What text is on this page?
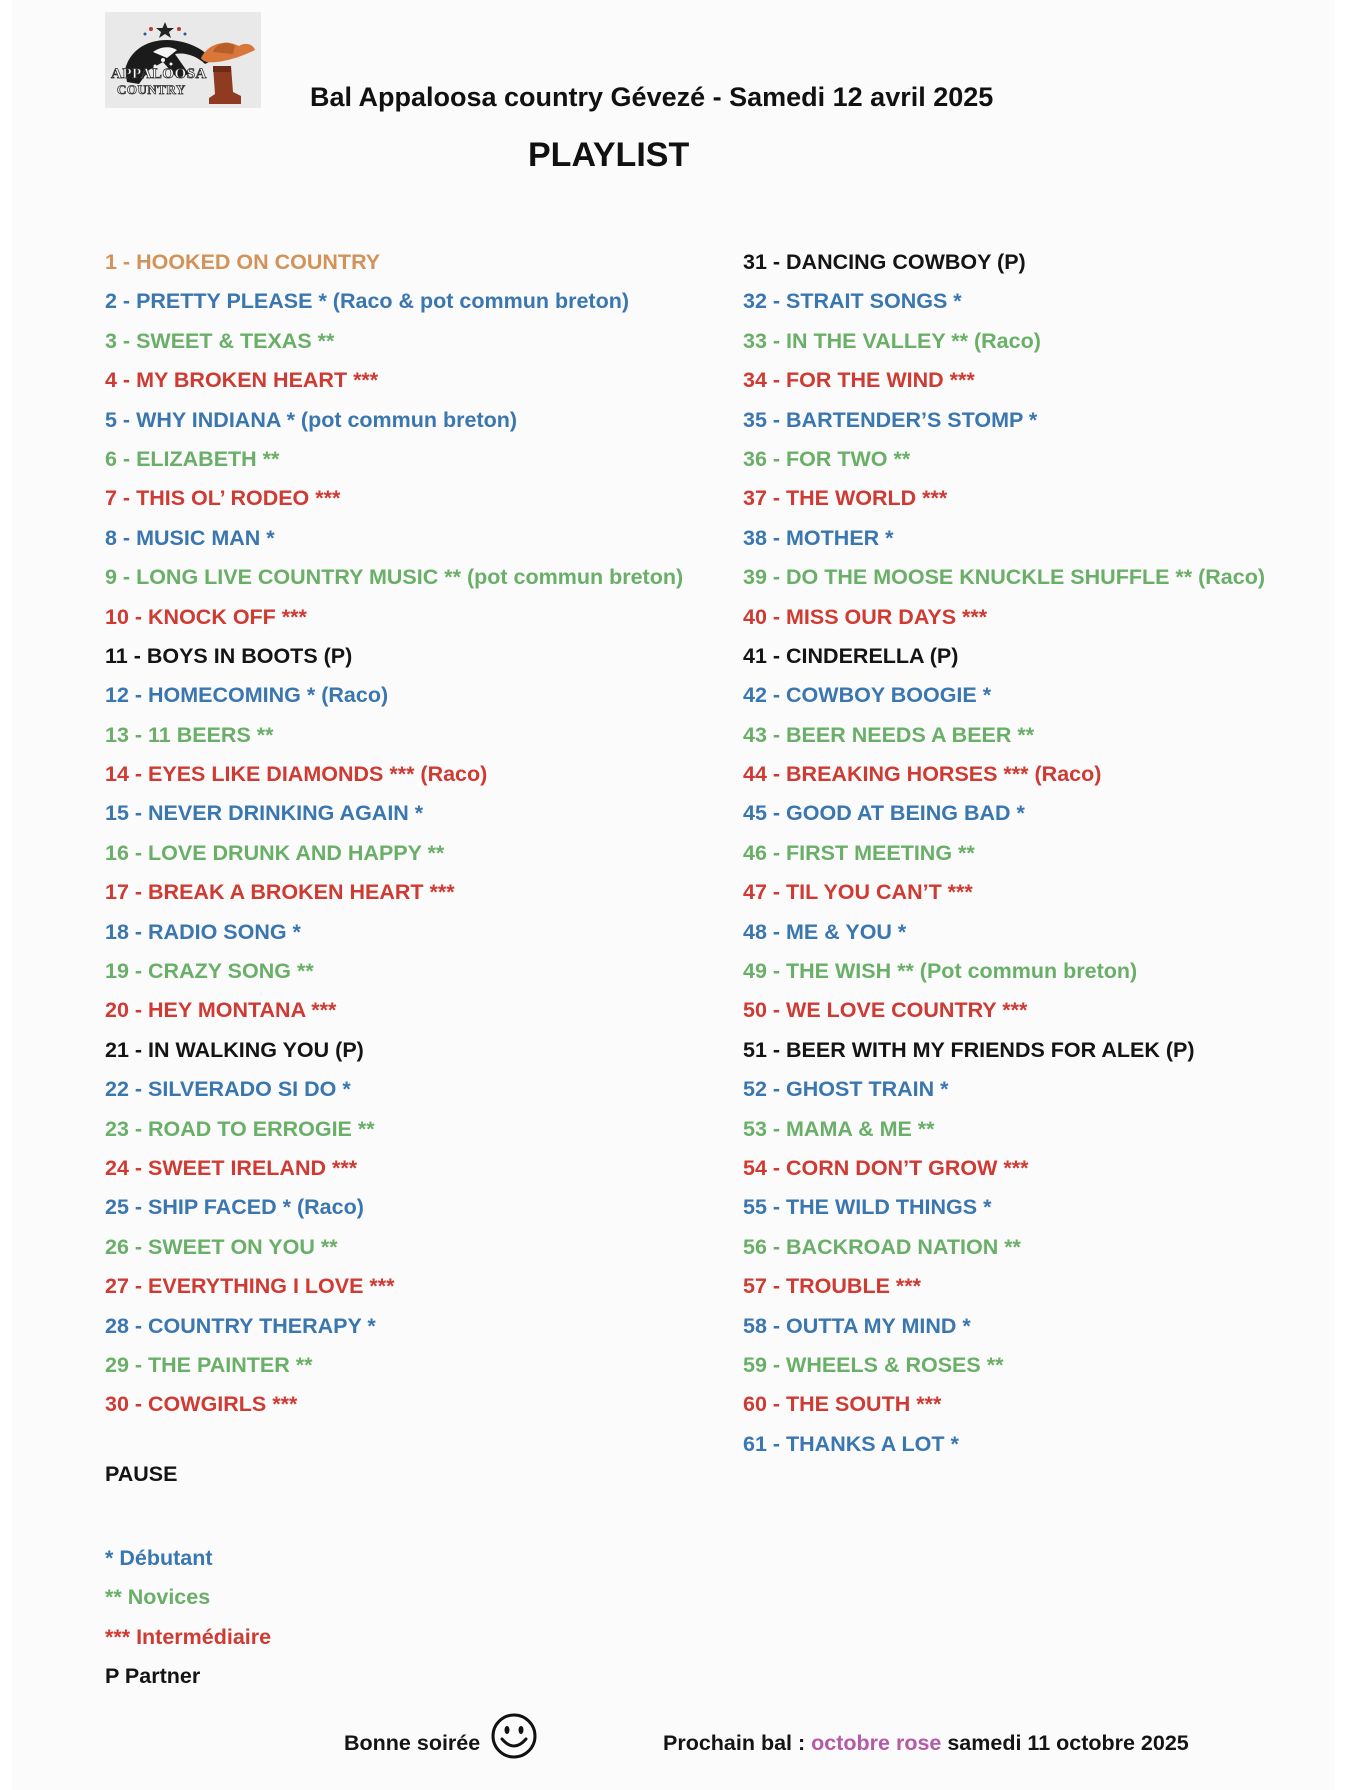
APPALOOSA
COUNTRY	Bal Appaloosa country Gévezé - Samedi 12 avril 2025
PLAYLIST
1 - HOOKED ON COUNTRY
2 - PRETTY PLEASE * (Raco & pot commun breton)
3 - SWEET & TEXAS **
4 - MY BROKEN HEART ***
5 - WHY INDIANA * (pot commun breton)
6 - ELIZABETH **
7 - THIS OL’ RODEO ***
8 - MUSIC MAN *
9 - LONG LIVE COUNTRY MUSIC ** (pot commun breton)
10 - KNOCK OFF ***
11 - BOYS IN BOOTS (P)
12 - HOMECOMING * (Raco)
13 - 11 BEERS **
14 - EYES LIKE DIAMONDS *** (Raco)
15 - NEVER DRINKING AGAIN *
16 - LOVE DRUNK AND HAPPY **
17 - BREAK A BROKEN HEART ***
18 - RADIO SONG *
19 - CRAZY SONG **
20 - HEY MONTANA ***
21 - IN WALKING YOU (P)
22 - SILVERADO SI DO *
23 - ROAD TO ERROGIE **
24 - SWEET IRELAND ***
25 - SHIP FACED * (Raco)
26 - SWEET ON YOU **
27 - EVERYTHING I LOVE ***
28 - COUNTRY THERAPY *
29 - THE PAINTER **
30 - COWGIRLS ***
31 - DANCING COWBOY (P)
32 - STRAIT SONGS *
33 - IN THE VALLEY ** (Raco)
34 - FOR THE WIND ***
35 - BARTENDER’S STOMP *
36 - FOR TWO **
37 - THE WORLD ***
38 - MOTHER *
39 - DO THE MOOSE KNUCKLE SHUFFLE ** (Raco)
40 - MISS OUR DAYS ***
41 - CINDERELLA (P)
42 - COWBOY BOOGIE *
43 - BEER NEEDS A BEER **
44 - BREAKING HORSES *** (Raco)
45 - GOOD AT BEING BAD *
46 - FIRST MEETING **
47 - TIL YOU CAN’T ***
48 - ME & YOU *
49 - THE WISH ** (Pot commun breton)
50 - WE LOVE COUNTRY ***
51 - BEER WITH MY FRIENDS FOR ALEK (P)
52 - GHOST TRAIN *
53 - MAMA & ME **
54 - CORN DON’T GROW ***
55 - THE WILD THINGS *
56 - BACKROAD NATION **
57 - TROUBLE ***
58 - OUTTA MY MIND *
59 - WHEELS & ROSES **
60 - THE SOUTH ***
61 - THANKS A LOT *
PAUSE
* Débutant
** Novices
*** Intermédiaire
P Partner
Bonne soirée	Prochain bal : octobre rose samedi 11 octobre 2025
